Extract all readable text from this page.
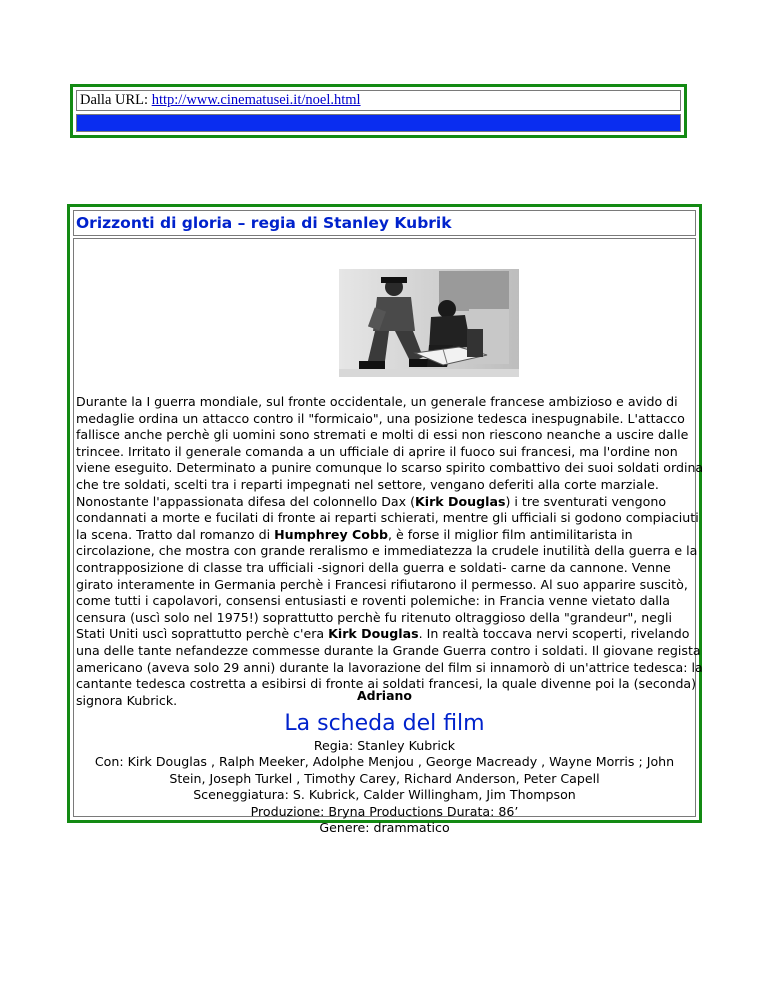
Dalla URL: http://www.cinematusei.it/noel.html
Orizzonti di gloria – regia di Stanley Kubrik

Durante la I guerra mondiale, sul fronte occidentale, un generale francese ambizioso e avido di medaglie ordina un attacco contro il "formicaio", una posizione tedesca inespugnabile. L'attacco fallisce anche perchè gli uomini sono stremati e molti di essi non riescono neanche a uscire dalle trincee. Irritato il generale comanda a un ufficiale di aprire il fuoco sui francesi, ma l'ordine non viene eseguito. Determinato a punire comunque lo scarso spirito combattivo dei suoi soldati ordina che tre soldati, scelti tra i reparti impegnati nel settore, vengano deferiti alla corte marziale. Nonostante l'appassionata difesa del colonnello Dax (Kirk Douglas) i tre sventurati vengono condannati a morte e fucilati di fronte ai reparti schierati, mentre gli ufficiali si godono compiaciuti la scena. Tratto dal romanzo di Humphrey Cobb, è forse il miglior film antimilitarista in circolazione, che mostra con grande reralismo e immediatezza la crudele inutilità della guerra e la contrapposizione di classe tra ufficiali -signori della guerra e soldati- carne da cannone. Venne girato interamente in Germania perchè i Francesi rifiutarono il permesso. Al suo apparire suscitò, come tutti i capolavori, consensi entusiasti e roventi polemiche: in Francia venne vietato dalla censura (uscì solo nel 1975!) soprattutto perchè fu ritenuto oltraggioso della "grandeur", negli Stati Uniti uscì soprattutto perchè c'era Kirk Douglas. In realtà toccava nervi scoperti, rivelando una delle tante nefandezze commesse durante la Grande Guerra contro i soldati. Il giovane regista americano (aveva solo 29 anni) durante la lavorazione del film si innamorò di un'attrice tedesca: la cantante tedesca costretta a esibirsi di fronte ai soldati francesi, la quale divenne poi la (seconda) signora Kubrick.	Adriano
La scheda del film
Regia: Stanley Kubrick
Con: Kirk Douglas , Ralph Meeker, Adolphe Menjou , George Macready , Wayne Morris ; John Stein, Joseph Turkel , Timothy Carey, Richard Anderson, Peter Capell
Sceneggiatura: S. Kubrick, Calder Willingham, Jim Thompson
Produzione: Bryna Productions Durata: 86’
Genere: drammatico
